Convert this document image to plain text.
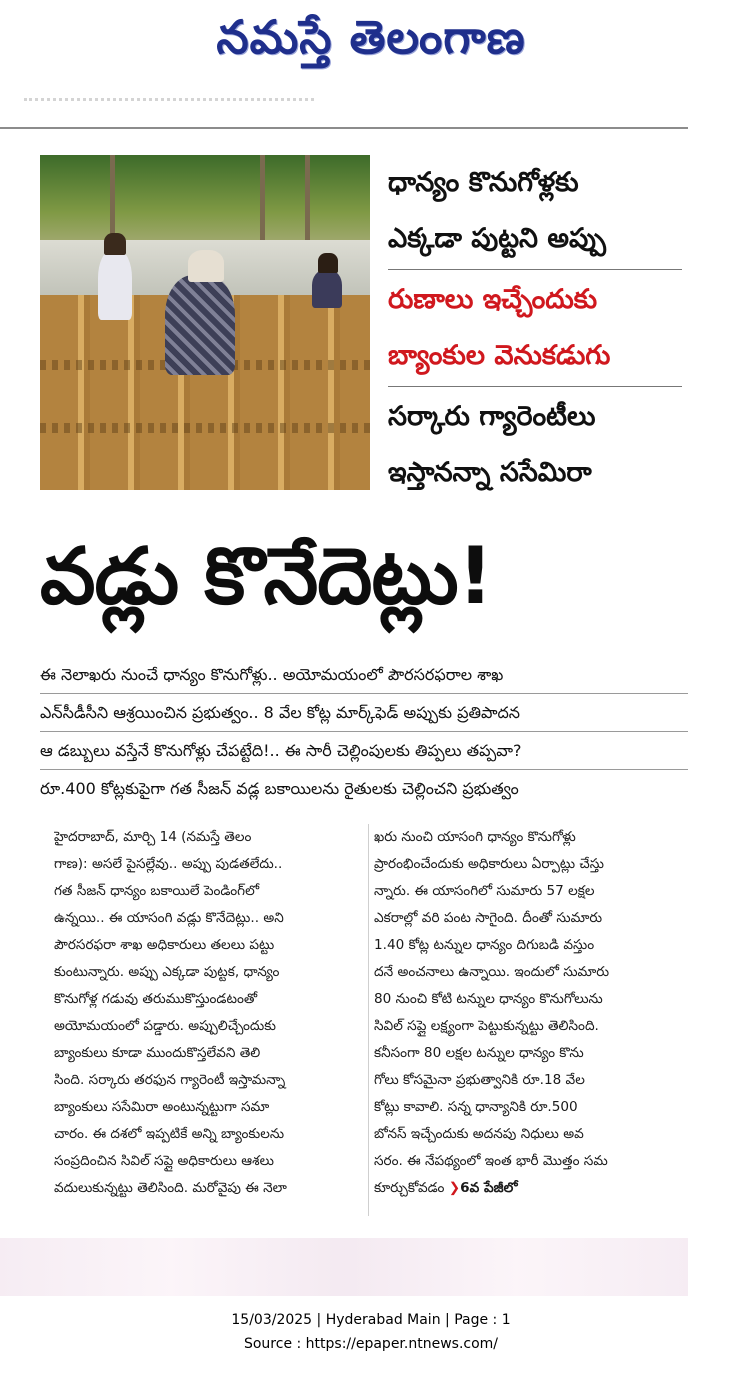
నమస్తే తెలంగాణ

ధాన్యం కొనుగోళ్లకు

ఎక్కడా పుట్టని అప్పు

రుణాలు ఇచ్చేందుకు

బ్యాంకుల వెనుకడుగు

సర్కారు గ్యారెంటీలు

ఇస్తానన్నా ససేమిరా

వడ్లు కొనేదెట్లు!
ఈ నెలాఖరు నుంచే ధాన్యం కొనుగోళ్లు.. అయోమయంలో పౌరసరఫరాల శాఖ
ఎన్‌సీడీసీని ఆశ్రయించిన ప్రభుత్వం.. 8 వేల కోట్ల మార్క్‌ఫెడ్ అప్పుకు ప్రతిపాదన
ఆ డబ్బులు వస్తేనే కొనుగోళ్లు చేపట్టేది!.. ఈ సారీ చెల్లింపులకు తిప్పలు తప్పవా?
రూ.400 కోట్లకుపైగా గత సీజన్ వడ్ల బకాయిలను రైతులకు చెల్లించని ప్రభుత్వం
హైదరాబాద్, మార్చి 14 (నమస్తే తెలం
గాణ): అసలే పైసల్లేవు.. అప్పు పుడతలేదు..
గత సీజన్ ధాన్యం బకాయిలే పెండింగ్‌లో
ఉన్నయి.. ఈ యాసంగి వడ్లు కొనేదెట్లు.. అని
పౌరసరఫరా శాఖ అధికారులు తలలు పట్టు
కుంటున్నారు. అప్పు ఎక్కడా పుట్టక, ధాన్యం
కొనుగోళ్ల గడువు తరుముకొస్తుండటంతో
అయోమయంలో పడ్డారు. అప్పులిచ్చేందుకు
బ్యాంకులు కూడా ముందుకొస్తలేవని తెలి
సింది. సర్కారు తరఫున గ్యారెంటీ ఇస్తామన్నా
బ్యాంకులు ససేమిరా అంటున్నట్టుగా సమా
చారం. ఈ దశలో ఇప్పటికే అన్ని బ్యాంకులను
సంప్రదించిన సివిల్ సప్లై అధికారులు ఆశలు
వదులుకున్నట్టు తెలిసింది. మరోవైపు ఈ నెలా
ఖరు నుంచి యాసంగి ధాన్యం కొనుగోళ్లు
ప్రారంభించేందుకు అధికారులు ఏర్పాట్లు చేస్తు
న్నారు. ఈ యాసంగిలో సుమారు 57 లక్షల
ఎకరాల్లో వరి పంట సాగైంది. దీంతో సుమారు
1.40 కోట్ల టన్నుల ధాన్యం దిగుబడి వస్తుం
దనే అంచనాలు ఉన్నాయి. ఇందులో సుమారు
80 నుంచి కోటి టన్నుల ధాన్యం కొనుగోలును
సివిల్ సప్లై లక్ష్యంగా పెట్టుకున్నట్టు తెలిసింది.
కనీసంగా 80 లక్షల టన్నుల ధాన్యం కొను
గోలు కోసమైనా ప్రభుత్వానికి రూ.18 వేల
కోట్లు కావాలి. సన్న ధాన్యానికి రూ.500
బోనస్ ఇచ్చేందుకు అదనపు నిధులు అవ
సరం. ఈ నేపథ్యంలో ఇంత భారీ మొత్తం సమ
కూర్చుకోవడం ❯6వ పేజీలో
15/03/2025 | Hyderabad Main | Page : 1
Source : https://epaper.ntnews.com/
